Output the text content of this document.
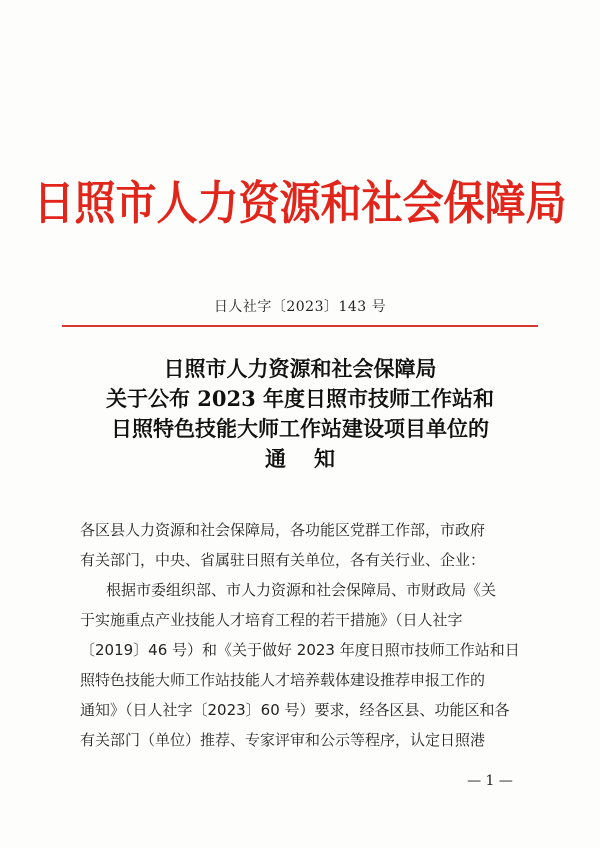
日照市人力资源和社会保障局
日人社字〔2023〕143 号
日照市人力资源和社会保障局
关于公布 2023 年度日照市技师工作站和
日照特色技能大师工作站建设项目单位的
通知
各区县人力资源和社会保障局，各功能区党群工作部，市政府
有关部门，中央、省属驻日照有关单位，各有关行业、企业：
根据市委组织部、市人力资源和社会保障局、市财政局《关
于实施重点产业技能人才培育工程的若干措施》（日人社字
〔2019〕46 号）和《关于做好 2023 年度日照市技师工作站和日
照特色技能大师工作站技能人才培养载体建设推荐申报工作的
通知》（日人社字〔2023〕60 号）要求，经各区县、功能区和各
有关部门（单位）推荐、专家评审和公示等程序，认定日照港
— 1 —
